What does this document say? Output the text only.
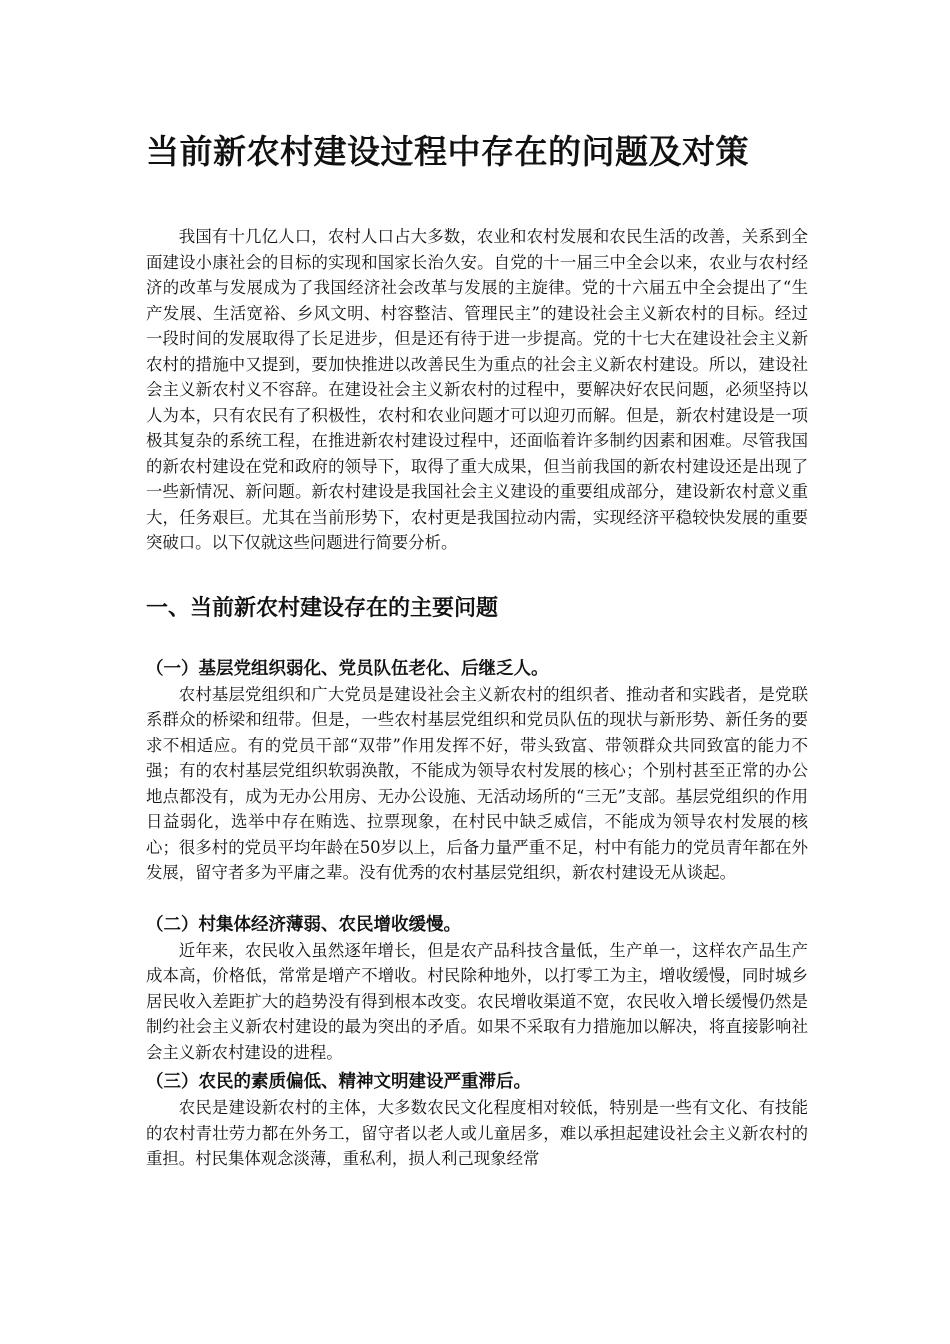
当前新农村建设过程中存在的问题及对策

我国有十几亿人口，农村人口占大多数，农业和农村发展和农民生活的改善，关系到全面建设小康社会的目标的实现和国家长治久安。自党的十一届三中全会以来，农业与农村经济的改革与发展成为了我国经济社会改革与发展的主旋律。党的十六届五中全会提出了“生产发展、生活宽裕、乡风文明、村容整洁、管理民主”的建设社会主义新农村的目标。经过一段时间的发展取得了长足进步，但是还有待于进一步提高。党的十七大在建设社会主义新农村的措施中又提到，要加快推进以改善民生为重点的社会主义新农村建设。所以，建设社会主义新农村义不容辞。在建设社会主义新农村的过程中，要解决好农民问题，必须坚持以人为本，只有农民有了积极性，农村和农业问题才可以迎刃而解。但是，新农村建设是一项极其复杂的系统工程，在推进新农村建设过程中，还面临着许多制约因素和困难。尽管我国的新农村建设在党和政府的领导下，取得了重大成果，但当前我国的新农村建设还是出现了一些新情况、新问题。新农村建设是我国社会主义建设的重要组成部分，建设新农村意义重大，任务艰巨。尤其在当前形势下，农村更是我国拉动内需，实现经济平稳较快发展的重要突破口。以下仅就这些问题进行简要分析。

一、当前新农村建设存在的主要问题
（一）基层党组织弱化、党员队伍老化、后继乏人。

农村基层党组织和广大党员是建设社会主义新农村的组织者、推动者和实践者，是党联系群众的桥梁和纽带。但是，一些农村基层党组织和党员队伍的现状与新形势、新任务的要求不相适应。有的党员干部“双带”作用发挥不好，带头致富、带领群众共同致富的能力不强；有的农村基层党组织软弱涣散，不能成为领导农村发展的核心；个别村甚至正常的办公地点都没有，成为无办公用房、无办公设施、无活动场所的“三无”支部。基层党组织的作用日益弱化，选举中存在贿选、拉票现象，在村民中缺乏威信，不能成为领导农村发展的核心；很多村的党员平均年龄在50岁以上，后备力量严重不足，村中有能力的党员青年都在外发展，留守者多为平庸之辈。没有优秀的农村基层党组织，新农村建设无从谈起。

（二）村集体经济薄弱、农民增收缓慢。

近年来，农民收入虽然逐年增长，但是农产品科技含量低，生产单一，这样农产品生产成本高，价格低，常常是增产不增收。村民除种地外，以打零工为主，增收缓慢，同时城乡居民收入差距扩大的趋势没有得到根本改变。农民增收渠道不宽，农民收入增长缓慢仍然是制约社会主义新农村建设的最为突出的矛盾。如果不采取有力措施加以解决，将直接影响社会主义新农村建设的进程。

（三）农民的素质偏低、精神文明建设严重滞后。

农民是建设新农村的主体，大多数农民文化程度相对较低，特别是一些有文化、有技能的农村青壮劳力都在外务工，留守者以老人或儿童居多，难以承担起建设社会主义新农村的重担。村民集体观念淡薄，重私利，损人利己现象经常
